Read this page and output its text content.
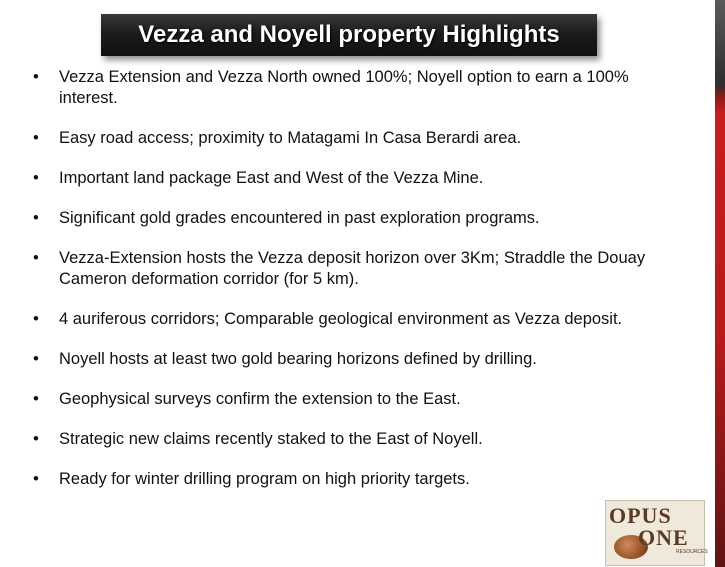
Vezza and Noyell property Highlights
• Vezza Extension and Vezza North owned 100%; Noyell option to earn a 100% interest.
• Easy road access; proximity to Matagami In Casa Berardi area.
• Important land package East and West of the Vezza Mine.
• Significant gold grades encountered in past exploration programs.
• Vezza-Extension hosts the Vezza deposit horizon over 3Km; Straddle the Douay Cameron deformation corridor (for 5 km).
• 4 auriferous corridors; Comparable geological environment as Vezza deposit.
• Noyell hosts at least two gold bearing horizons defined by drilling.
• Geophysical surveys confirm the extension to the East.
• Strategic new claims recently staked to the East of Noyell.
• Ready for winter drilling program on high priority targets.
OPUS
ONE
RESOURCES
